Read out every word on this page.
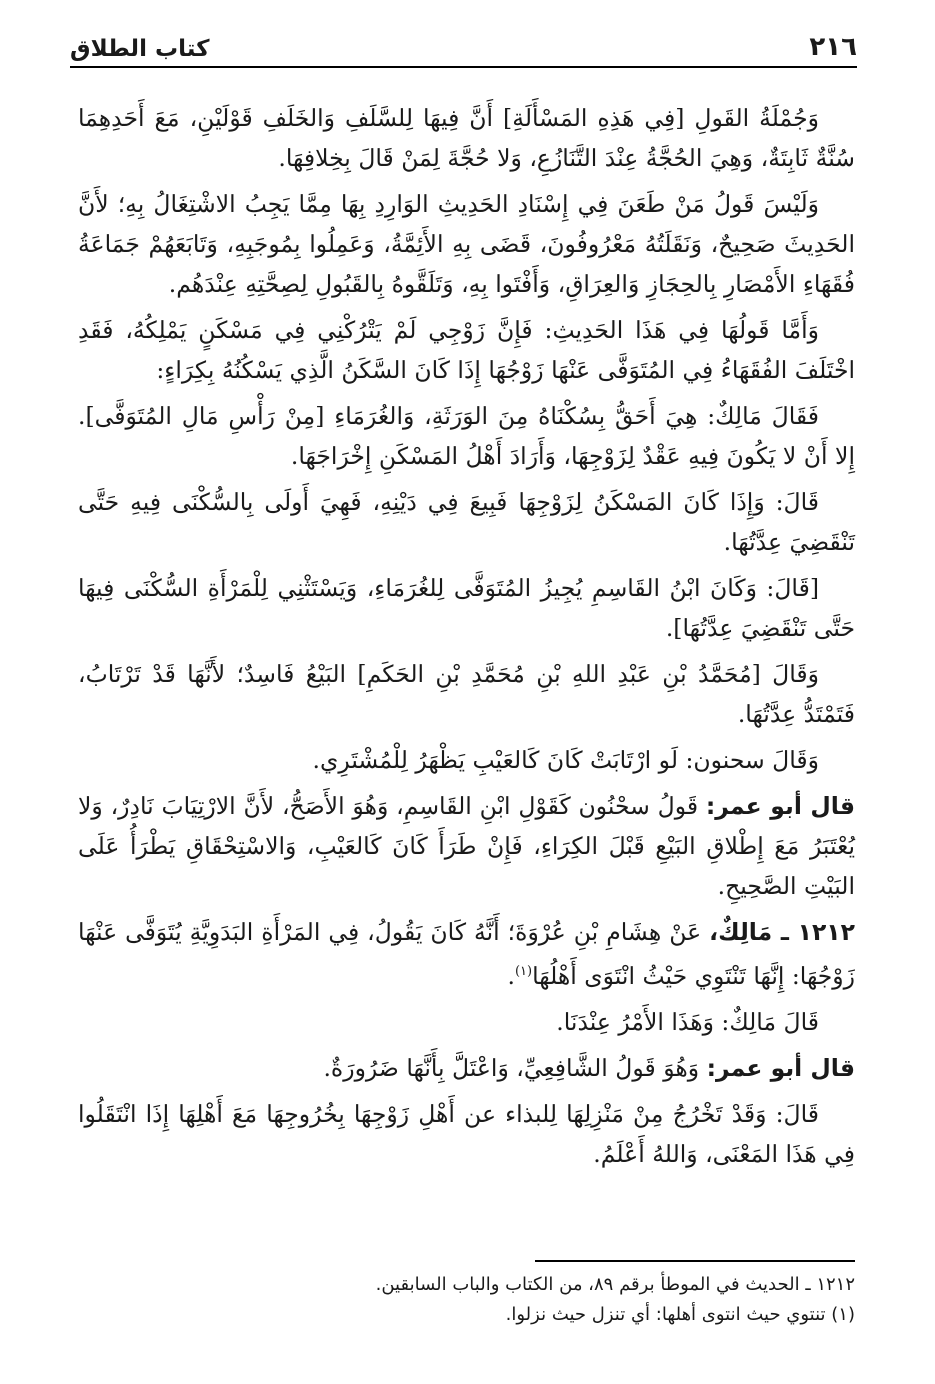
٢١٦
كتاب الطلاق

وَجُمْلَةُ القَولِ [فِي هَذِهِ المَسْأَلَةِ] أَنَّ فِيهَا لِلسَّلَفِ وَالخَلَفِ قَوْلَيْنِ، مَعَ أَحَدِهِمَا سُنَّةٌ ثَابِتَةٌ، وَهِيَ الحُجَّةُ عِنْدَ التَّنَازُعِ، وَلا حُجَّةَ لِمَنْ قَالَ بِخِلافِهَا.

وَلَيْسَ قَولُ مَنْ طَعَنَ فِي إِسْنَادِ الحَدِيثِ الوَارِدِ بِهَا مِمَّا يَجِبُ الاشْتِغَالُ بِهِ؛ لأَنَّ الحَدِيثَ صَحِيحٌ، وَنَقَلَتُهُ مَعْرُوفُونَ، قَضَى بِهِ الأَئِمَّةُ، وَعَمِلُوا بِمُوجَبِهِ، وَتَابَعَهُمْ جَمَاعَةُ فُقَهَاءِ الأَمْصَارِ بِالحِجَازِ وَالعِرَاقِ، وَأَفْتَوا بِهِ، وَتَلَقَّوهُ بِالقَبُولِ لِصِحَّتِهِ عِنْدَهُم.

وَأَمَّا قَولُهَا فِي هَذَا الحَدِيثِ: فَإِنَّ زَوْجِي لَمْ يَتْرُكْنِي فِي مَسْكَنٍ يَمْلِكُهُ، فَقَدِ اخْتَلَفَ الفُقَهَاءُ فِي المُتَوَفَّى عَنْهَا زَوْجُهَا إِذَا كَانَ السَّكَنُ الَّذِي يَسْكُنُهُ بِكِرَاءٍ:

فَقَالَ مَالِكٌ: هِيَ أَحَقُّ بِسُكْنَاهُ مِنَ الوَرَثَةِ، وَالغُرَمَاءِ [مِنْ رَأْسِ مَالِ المُتَوَفَّى]. إِلا أَنْ لا يَكُونَ فِيهِ عَقْدٌ لِزَوْجِهَا، وَأَرَادَ أَهْلُ المَسْكَنِ إِخْرَاجَهَا.

قَالَ: وَإِذَا كَانَ المَسْكَنُ لِزَوْجِهَا فَبِيعَ فِي دَيْنِهِ، فَهِيَ أَولَى بِالسُّكْنَى فِيهِ حَتَّى تَنْقَضِيَ عِدَّتُهَا.

[قَالَ: وَكَانَ ابْنُ القَاسِمِ يُجِيزُ المُتَوَفَّى لِلغُرَمَاءِ، وَيَسْتَثْنِي لِلْمَرْأَةِ السُّكْنَى فِيهَا حَتَّى تَنْقَضِيَ عِدَّتُهَا].

وَقَالَ [مُحَمَّدُ بْنِ عَبْدِ اللهِ بْنِ مُحَمَّدِ بْنِ الحَكَمِ] البَيْعُ فَاسِدٌ؛ لأَنَّهَا قَدْ تَرْتَابُ، فَتَمْتَدُّ عِدَّتُهَا.

وَقَالَ سحنون: لَو ارْتَابَتْ كَانَ كَالعَيْبِ يَظْهَرُ لِلْمُشْتَرِي.

قال أبو عمر: قَولُ سحْنُون كَقَوْلِ ابْنِ القَاسِمِ، وَهُوَ الأَصَحُّ، لأَنَّ الارْتِيَابَ نَادِرٌ، وَلا يُعْتَبَرُ مَعَ إِطْلاقِ البَيْعِ قَبْلَ الكِرَاءِ، فَإِنْ طَرَأَ كَانَ كَالعَيْبِ، وَالاسْتِحْقَاقِ يَطْرَأُ عَلَى البَيْتِ الصَّحِيحِ.

١٢١٢ ـ مَالِكٌ، عَنْ هِشَامِ بْنِ عُرْوَةَ؛ أَنَّهُ كَانَ يَقُولُ، فِي المَرْأَةِ البَدَوِيَّةِ يُتَوَفَّى عَنْهَا زَوْجُهَا: إِنَّهَا تَنْتَوِي حَيْثُ انْتَوَى أَهْلُهَا$^{(١)}$.

قَالَ مَالِكٌ: وَهَذَا الأَمْرُ عِنْدَنَا.

قال أبو عمر: وَهُوَ قَولُ الشَّافِعِيِّ، وَاعْتَلَّ بِأَنَّهَا ضَرُورَةٌ.

قَالَ: وَقَدْ تَخْرُجُ مِنْ مَنْزِلِهَا لِلبذاء عن أَهْلِ زَوْجِهَا بِخُرُوجِهَا مَعَ أَهْلِهَا إِذَا انْتَقَلُوا فِي هَذَا المَعْنَى، وَاللهُ أَعْلَمُ.

١٢١٢ ـ الحديث في الموطأ برقم ٨٩، من الكتاب والباب السابقين.
(١) تنتوي حيث انتوى أهلها: أي تنزل حيث نزلوا.
